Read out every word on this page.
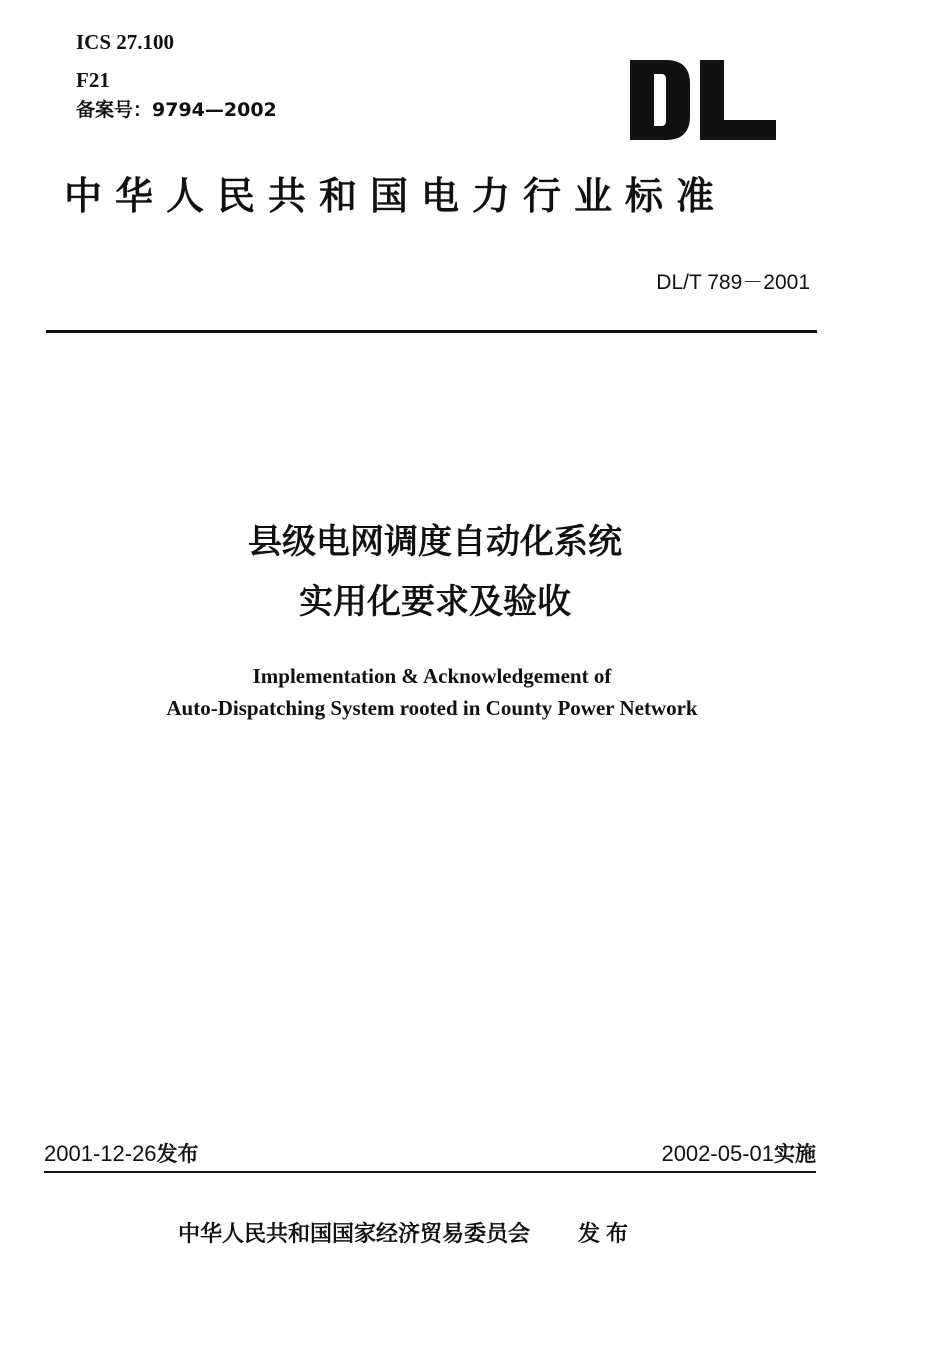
ICS 27.100
F21
备案号：9794—2002
中华人民共和国电力行业标准
DL/T 789－2001
县级电网调度自动化系统
实用化要求及验收
Implementation & Acknowledgement of
Auto-Dispatching System rooted in County Power Network
2001-12-26发布	2002-05-01实施
中华人民共和国国家经济贸易委员会 发布
